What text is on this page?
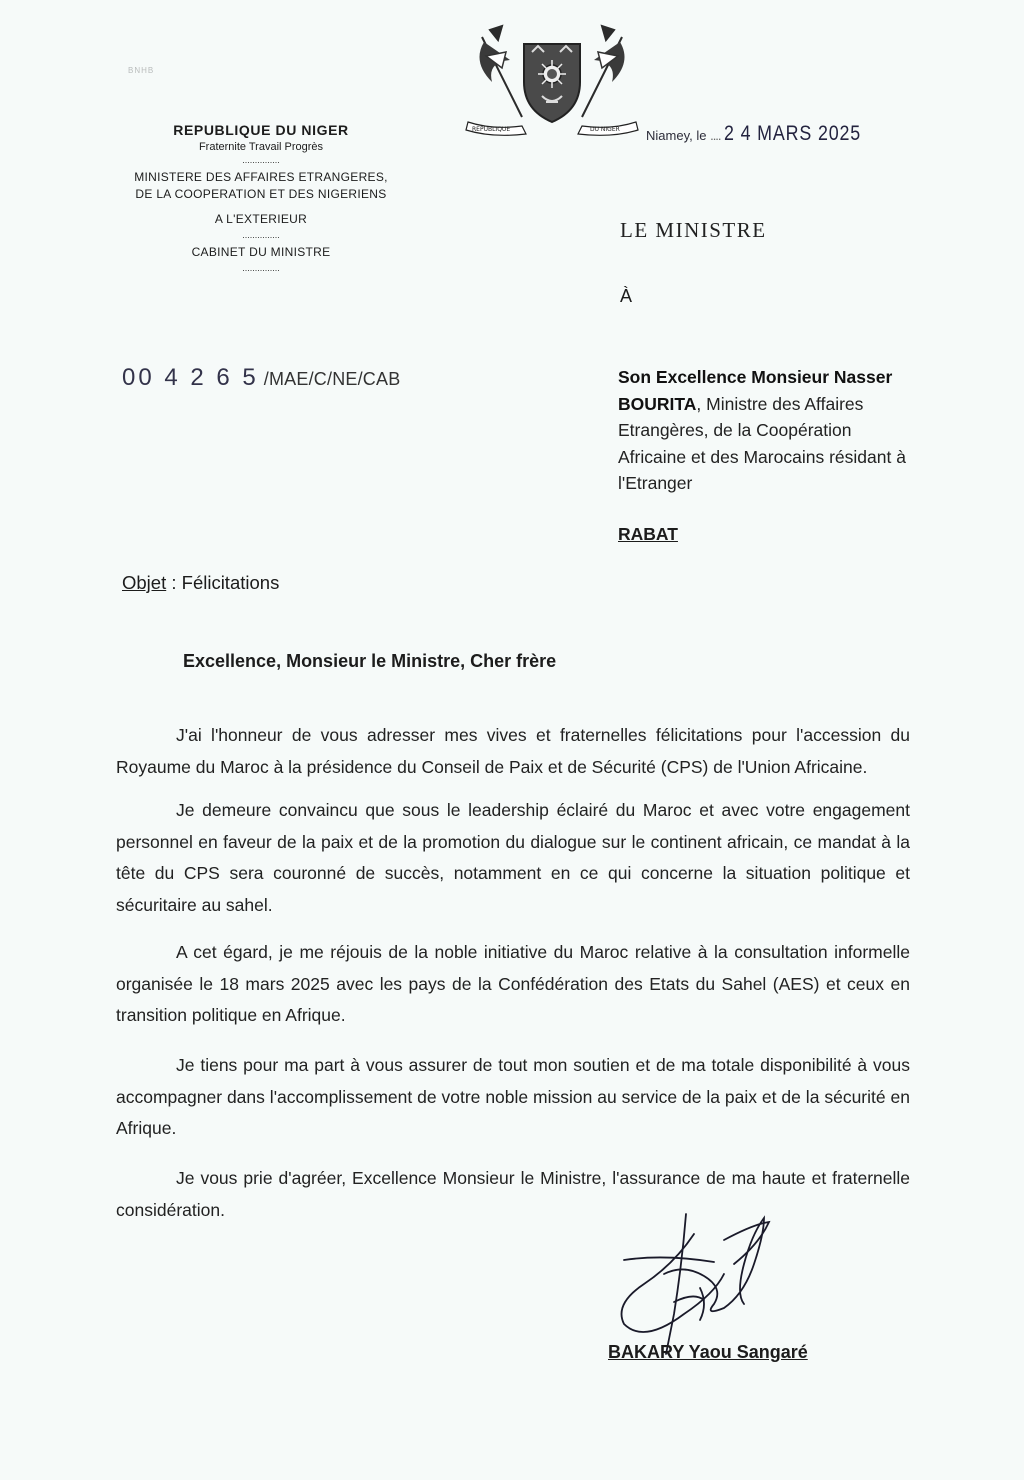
BNHB
REPUBLIQUE DU NIGER
Fraternite Travail Progrès
...............
MINISTERE DES AFFAIRES ETRANGERES,
DE LA COOPERATION ET DES NIGERIENS
A L'EXTERIEUR
...............
CABINET DU MINISTRE
...............
REPUBLIQUE	DU NIGER Niamey, le .... 2 4 MARS 2025
LE MINISTRE
À
00 4 2 6 5 /MAE/C/NE/CAB	Son Excellence Monsieur Nasser
BOURITA, Ministre des Affaires Etrangères, de la Coopération Africaine et des Marocains résidant à l'Etranger
RABAT
Objet : Félicitations
Excellence, Monsieur le Ministre, Cher frère
J'ai l'honneur de vous adresser mes vives et fraternelles félicitations pour l'accession du Royaume du Maroc à la présidence du Conseil de Paix et de Sécurité (CPS) de l'Union Africaine.
Je demeure convaincu que sous le leadership éclairé du Maroc et avec votre engagement personnel en faveur de la paix et de la promotion du dialogue sur le continent africain, ce mandat à la tête du CPS sera couronné de succès, notamment en ce qui concerne la situation politique et sécuritaire au sahel.
A cet égard, je me réjouis de la noble initiative du Maroc relative à la consultation informelle organisée le 18 mars 2025 avec les pays de la Confédération des Etats du Sahel (AES) et ceux en transition politique en Afrique.
Je tiens pour ma part à vous assurer de tout mon soutien et de ma totale disponibilité à vous accompagner dans l'accomplissement de votre noble mission au service de la paix et de la sécurité en Afrique.
Je vous prie d'agréer, Excellence Monsieur le Ministre, l'assurance de ma haute et fraternelle considération.
BAKARY Yaou Sangaré
